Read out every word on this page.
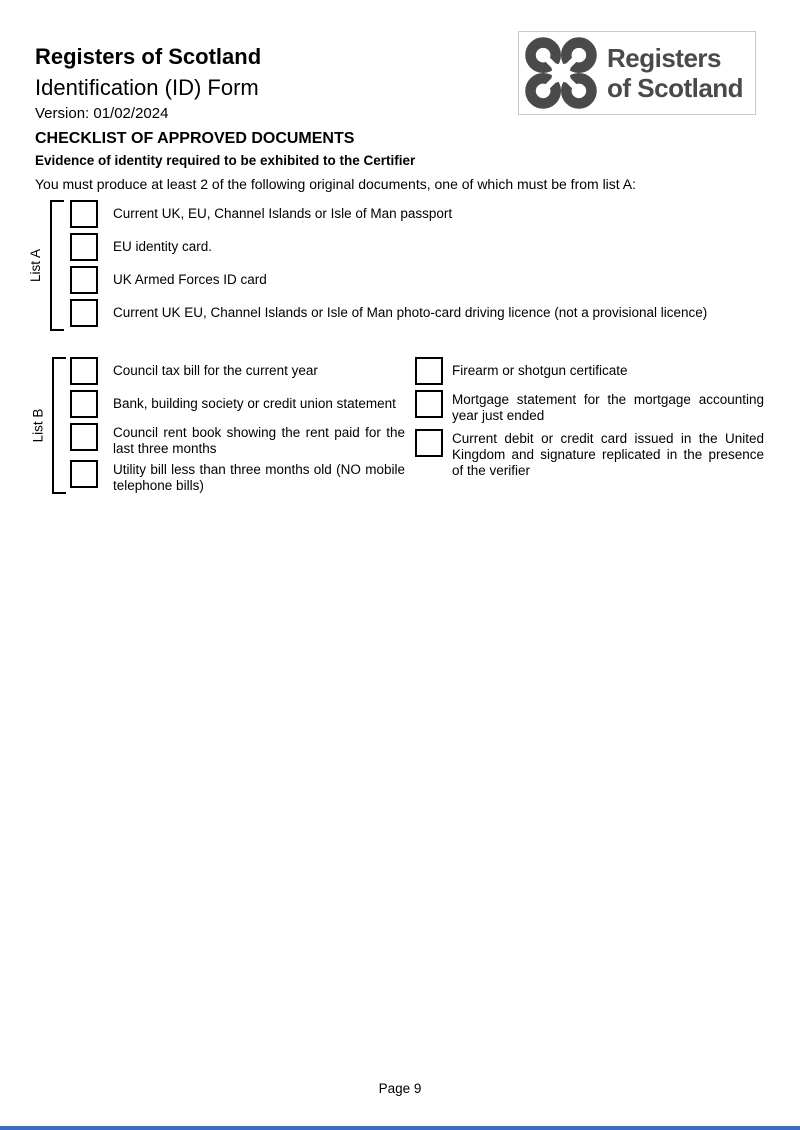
Registers of Scotland
Identification (ID) Form
Version: 01/02/2024
Registers
of Scotland
CHECKLIST OF APPROVED DOCUMENTS
Evidence of identity required to be exhibited to the Certifier
You must produce at least 2 of the following original documents, one of which must be from list A:
List A
Current UK, EU, Channel Islands or Isle of Man passport
EU identity card.
UK Armed Forces ID card
Current UK EU, Channel Islands or Isle of Man photo-card driving licence (not a provisional licence)
List B
Council tax bill for the current year
Bank, building society or credit union statement
Council rent book showing the rent paid for the last three months
Utility bill less than three months old (NO mobile telephone bills)
Firearm or shotgun certificate
Mortgage statement for the mortgage accounting year just ended
Current debit or credit card issued in the United Kingdom and signature replicated in the presence of the verifier
Page 9
